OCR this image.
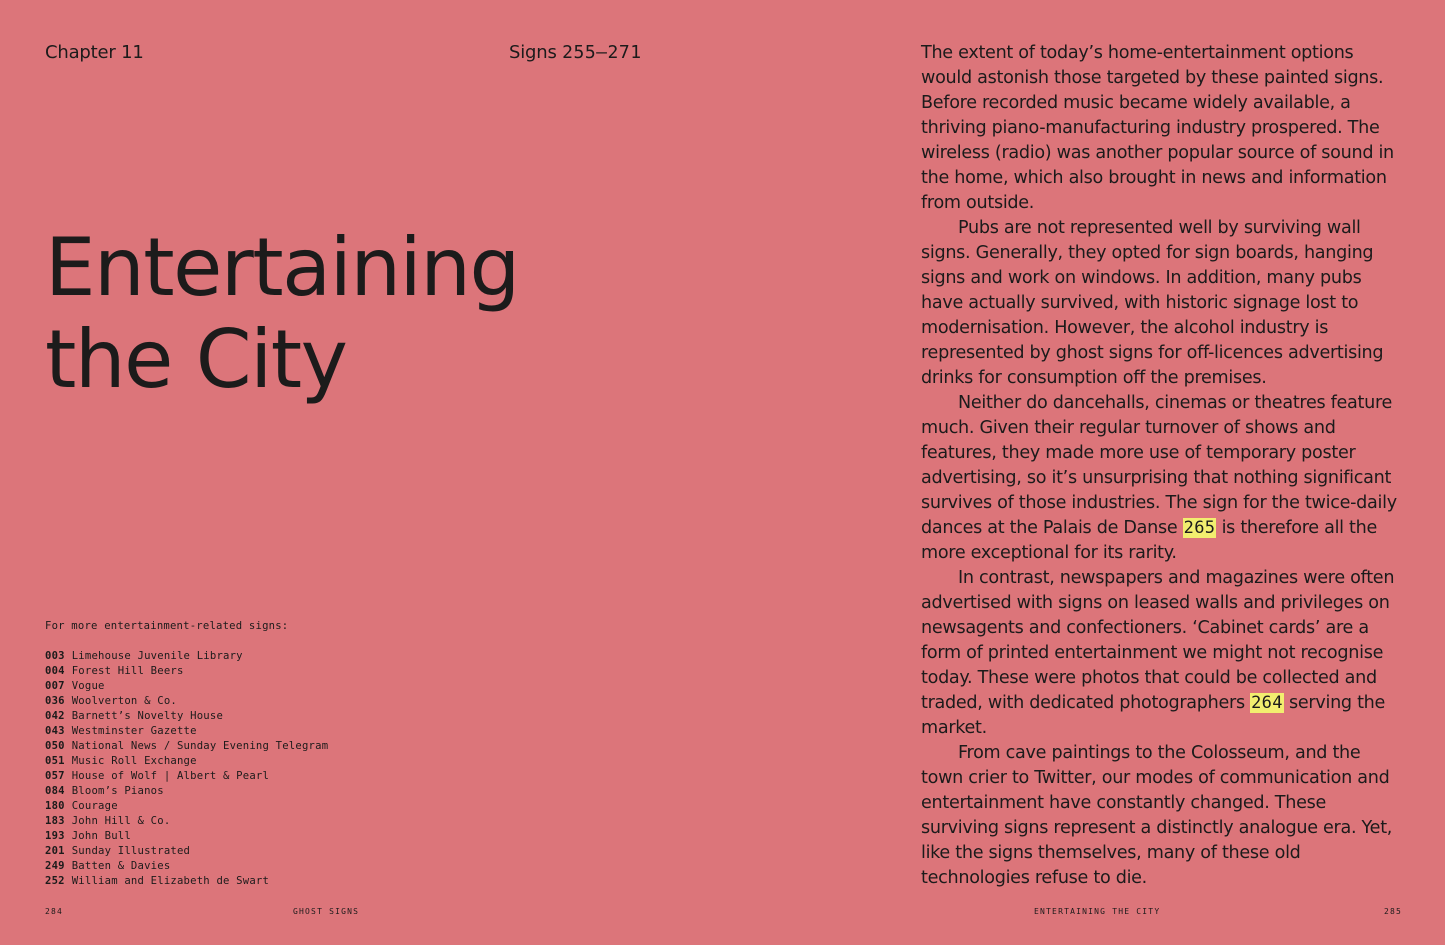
Chapter 11	Signs 255–271
Entertaining
the City
For more entertainment-related signs:
003 Limehouse Juvenile Library
004 Forest Hill Beers
007 Vogue
036 Woolverton & Co.
042 Barnett’s Novelty House
043 Westminster Gazette
050 National News / Sunday Evening Telegram
051 Music Roll Exchange
057 House of Wolf | Albert & Pearl
084 Bloom’s Pianos
180 Courage
183 John Hill & Co.
193 John Bull
201 Sunday Illustrated
249 Batten & Davies
252 William and Elizabeth de Swart

The extent of today’s home-entertainment options would astonish those targeted by these painted signs. Before recorded music became widely available, a thriving piano-manufacturing industry prospered. The wireless (radio) was another popular source of sound in the home, which also brought in news and information from outside.

Pubs are not represented well by surviving wall signs. Generally, they opted for sign boards, hanging signs and work on windows. In addition, many pubs have actually survived, with historic signage lost to modernisation. However, the alcohol industry is represented by ghost signs for off-licences advertising drinks for consumption off the premises.

Neither do dancehalls, cinemas or theatres feature much. Given their regular turnover of shows and features, they made more use of temporary poster advertising, so it’s unsurprising that nothing significant survives of those industries. The sign for the twice-daily dances at the Palais de Danse 265 is therefore all the more exceptional for its rarity.

In contrast, newspapers and magazines were often advertised with signs on leased walls and privileges on newsagents and confectioners. ‘Cabinet cards’ are a form of printed entertainment we might not recognise today. These were photos that could be collected and traded, with dedicated photographers 264 serving the market.

From cave paintings to the Colosseum, and the town crier to Twitter, our modes of communication and entertainment have constantly changed. These surviving signs represent a distinctly analogue era. Yet, like the signs themselves, many of these old technologies refuse to die.

284	GHOST SIGNS	ENTERTAINING THE CITY	285
